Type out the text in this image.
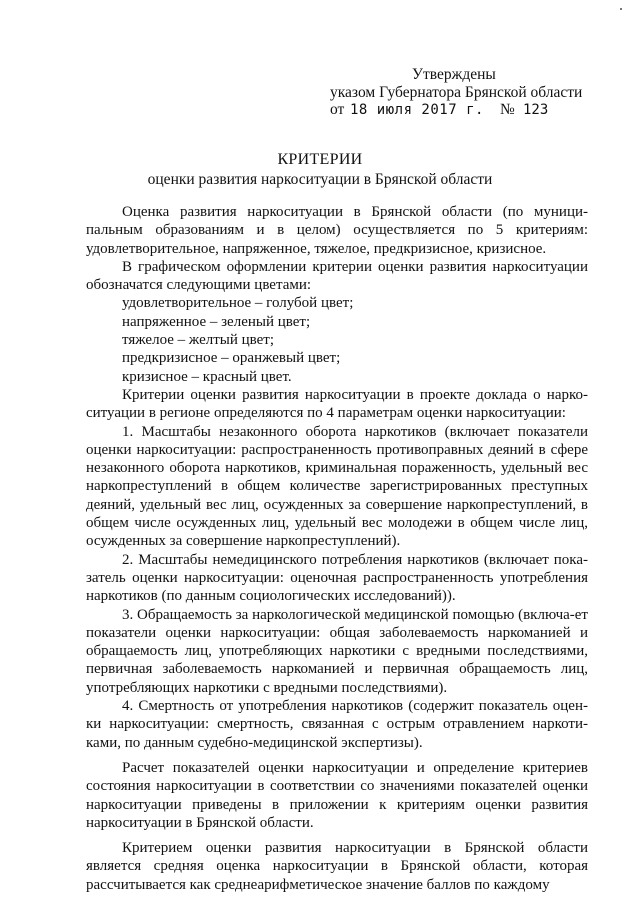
Утверждены
указом Губернатора Брянской области
от 18 июля 2017 г. № 123
КРИТЕРИИ
оценки развития наркоситуации в Брянской области

Оценка развития наркоситуации в Брянской области (по муници-пальным образованиям и в целом) осуществляется по 5 критериям: удовлетворительное, напряженное, тяжелое, предкризисное, кризисное.

В графическом оформлении критерии оценки развития наркоситуации обозначатся следующими цветами:

удовлетворительное – голубой цвет;

напряженное – зеленый цвет;

тяжелое – желтый цвет;

предкризисное – оранжевый цвет;

кризисное – красный цвет.

Критерии оценки развития наркоситуации в проекте доклада о нарко-ситуации в регионе определяются по 4 параметрам оценки наркоситуации:

1. Масштабы незаконного оборота наркотиков (включает показатели оценки наркоситуации: распространенность противоправных деяний в сфере незаконного оборота наркотиков, криминальная пораженность, удельный вес наркопреступлений в общем количестве зарегистрированных преступных деяний, удельный вес лиц, осужденных за совершение наркопреступлений, в общем числе осужденных лиц, удельный вес молодежи в общем числе лиц, осужденных за совершение наркопреступлений).

2. Масштабы немедицинского потребления наркотиков (включает пока-затель оценки наркоситуации: оценочная распространенность употребления наркотиков (по данным социологических исследований)).

3. Обращаемость за наркологической медицинской помощью (включа-ет показатели оценки наркоситуации: общая заболеваемость наркоманией и обращаемость лиц, употребляющих наркотики с вредными последствиями, первичная заболеваемость наркоманией и первичная обращаемость лиц, употребляющих наркотики с вредными последствиями).

4. Смертность от употребления наркотиков (содержит показатель оцен-ки наркоситуации: смертность, связанная с острым отравлением наркоти-ками, по данным судебно-медицинской экспертизы).

Расчет показателей оценки наркоситуации и определение критериев состояния наркоситуации в соответствии со значениями показателей оценки наркоситуации приведены в приложении к критериям оценки развития наркоситуации в Брянской области.

Критерием оценки развития наркоситуации в Брянской области является средняя оценка наркоситуации в Брянской области, которая рассчитывается как среднеарифметическое значение баллов по каждому
